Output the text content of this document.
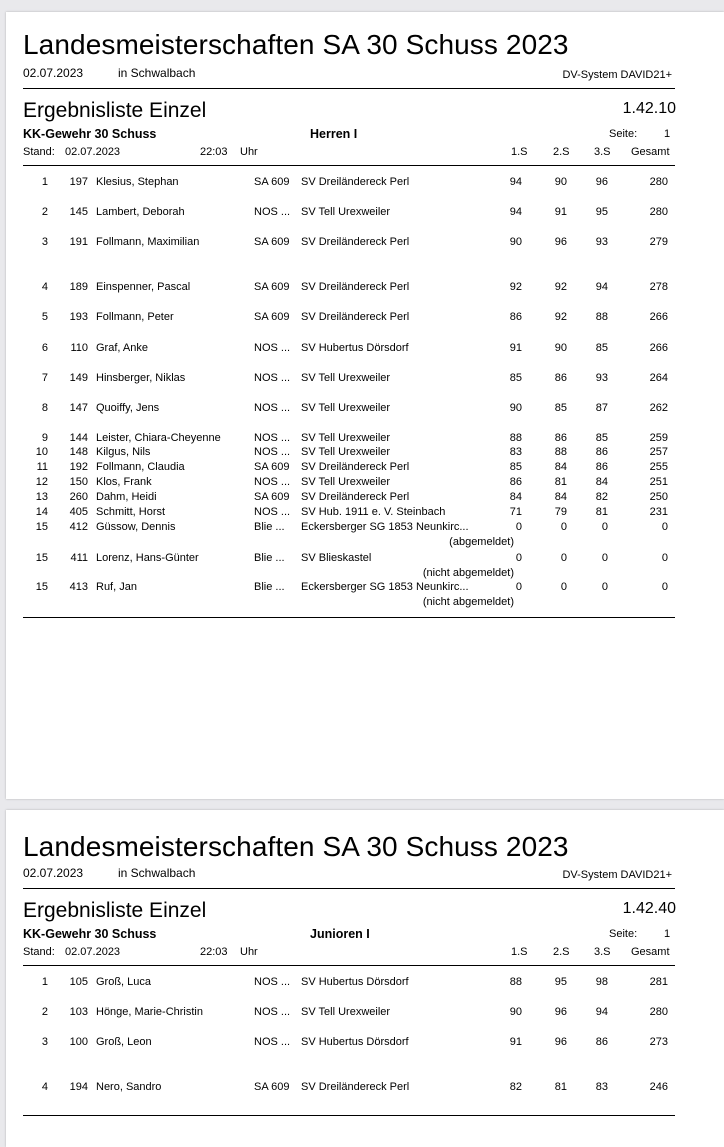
Landesmeisterschaften SA 30 Schuss 2023
02.07.2023	in Schwalbach	DV-System DAVID21+
Ergebnisliste Einzel	1.42.10
KK-Gewehr 30 Schuss	Herren I	Seite: 1
Stand: 02.07.2023	22:03 Uhr	1.S 2.S 3.S Gesamt
1	197 Klesius, Stephan	SA 609 SV Dreiländereck Perl	94	90	96	280
2	145 Lambert, Deborah	NOS ... SV Tell Urexweiler	94	91	95	280
3	191 Follmann, Maximilian	SA 609 SV Dreiländereck Perl	90	96	93	279
4	189 Einspenner, Pascal	SA 609 SV Dreiländereck Perl	92	92	94	278
5	193 Follmann, Peter	SA 609 SV Dreiländereck Perl	86	92	88	266
6	110 Graf, Anke	NOS ... SV Hubertus Dörsdorf	91	90	85	266
7	149 Hinsberger, Niklas	NOS ... SV Tell Urexweiler	85	86	93	264
8	147 Quoiffy, Jens	NOS ... SV Tell Urexweiler	90	85	87	262
9	144 Leister, Chiara-Cheyenne	NOS ... SV Tell Urexweiler	88	86	85	259
10	148 Kilgus, Nils	NOS ... SV Tell Urexweiler	83	88	86	257
11	192 Follmann, Claudia	SA 609 SV Dreiländereck Perl	85	84	86	255
12	150 Klos, Frank	NOS ... SV Tell Urexweiler	86	81	84	251
13	260 Dahm, Heidi	SA 609 SV Dreiländereck Perl	84	84	82	250
14	405 Schmitt, Horst	NOS ... SV Hub. 1911 e. V. Steinbach	71	79	81	231
15	412 Güssow, Dennis	Blie ... Eckersberger SG 1853 Neunkirc...	0	0	0	0
(abgemeldet)
15	411 Lorenz, Hans-Günter	Blie ... SV Blieskastel	0	0	0	0
(nicht abgemeldet)
15	413 Ruf, Jan	Blie ... Eckersberger SG 1853 Neunkirc...	0	0	0	0
(nicht abgemeldet)
Landesmeisterschaften SA 30 Schuss 2023
02.07.2023	in Schwalbach	DV-System DAVID21+
Ergebnisliste Einzel	1.42.40
KK-Gewehr 30 Schuss	Junioren I	Seite: 1
Stand: 02.07.2023	22:03 Uhr	1.S 2.S 3.S Gesamt
1	105 Groß, Luca	NOS ... SV Hubertus Dörsdorf	88	95	98	281
2	103 Hönge, Marie-Christin	NOS ... SV Tell Urexweiler	90	96	94	280
3	100 Groß, Leon	NOS ... SV Hubertus Dörsdorf	91	96	86	273
4	194 Nero, Sandro	SA 609 SV Dreiländereck Perl	82	81	83	246
